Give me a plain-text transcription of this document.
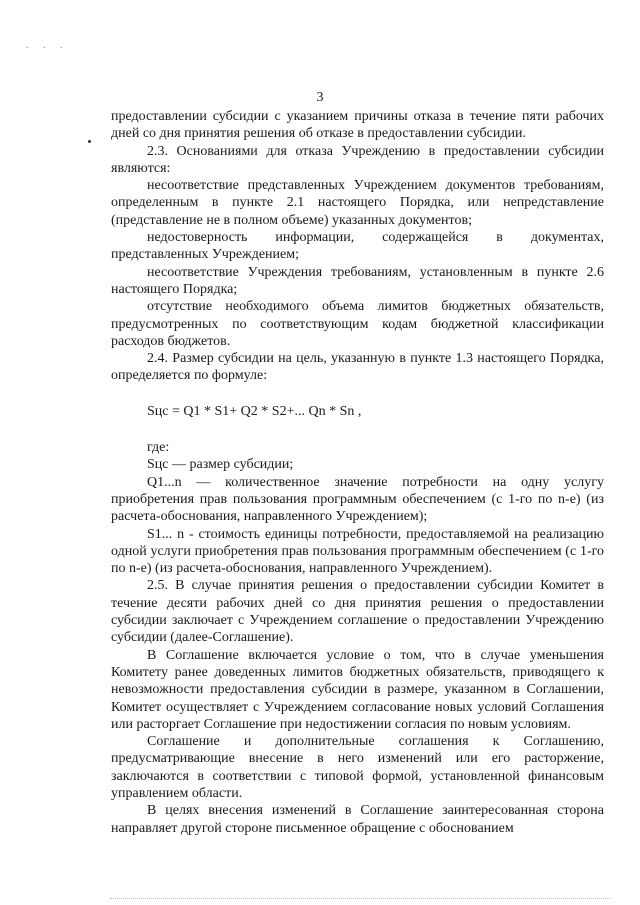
. . .
3

предоставлении субсидии с указанием причины отказа в течение пяти рабочих дней со дня принятия решения об отказе в предоставлении субсидии.

2.3. Основаниями для отказа Учреждению в предоставлении субсидии являются:

несоответствие представленных Учреждением документов требованиям, определенным в пункте 2.1 настоящего Порядка, или непредставление (представление не в полном объеме) указанных документов;

недостоверность информации, содержащейся в документах, представленных Учреждением;

несоответствие Учреждения требованиям, установленным в пункте 2.6 настоящего Порядка;

отсутствие необходимого объема лимитов бюджетных обязательств, предусмотренных по соответствующим кодам бюджетной классификации расходов бюджетов.

2.4. Размер субсидии на цель, указанную в пункте 1.3 настоящего Порядка, определяется по формуле:

Sцс = Q1 * S1+ Q2 * S2+... Qn * Sn ,

где:

Sцс — размер субсидии;

Q1...n — количественное значение потребности на одну услугу приобретения прав пользования программным обеспечением (с 1-го по n-е) (из расчета-обоснования, направленного Учреждением);

S1... n - стоимость единицы потребности, предоставляемой на реализацию одной услуги приобретения прав пользования программным обеспечением (с 1-го по n-е) (из расчета-обоснования, направленного Учреждением).

2.5. В случае принятия решения о предоставлении субсидии Комитет в течение десяти рабочих дней со дня принятия решения о предоставлении субсидии заключает с Учреждением соглашение о предоставлении Учреждению субсидии (далее-Соглашение).

В Соглашение включается условие о том, что в случае уменьшения Комитету ранее доведенных лимитов бюджетных обязательств, приводящего к невозможности предоставления субсидии в размере, указанном в Соглашении, Комитет осуществляет с Учреждением согласование новых условий Соглашения или расторгает Соглашение при недостижении согласия по новым условиям.

Соглашение и дополнительные соглашения к Соглашению, предусматривающие внесение в него изменений или его расторжение, заключаются в соответствии с типовой формой, установленной финансовым управлением области.

В целях внесения изменений в Соглашение заинтересованная сторона направляет другой стороне письменное обращение с обоснованием
